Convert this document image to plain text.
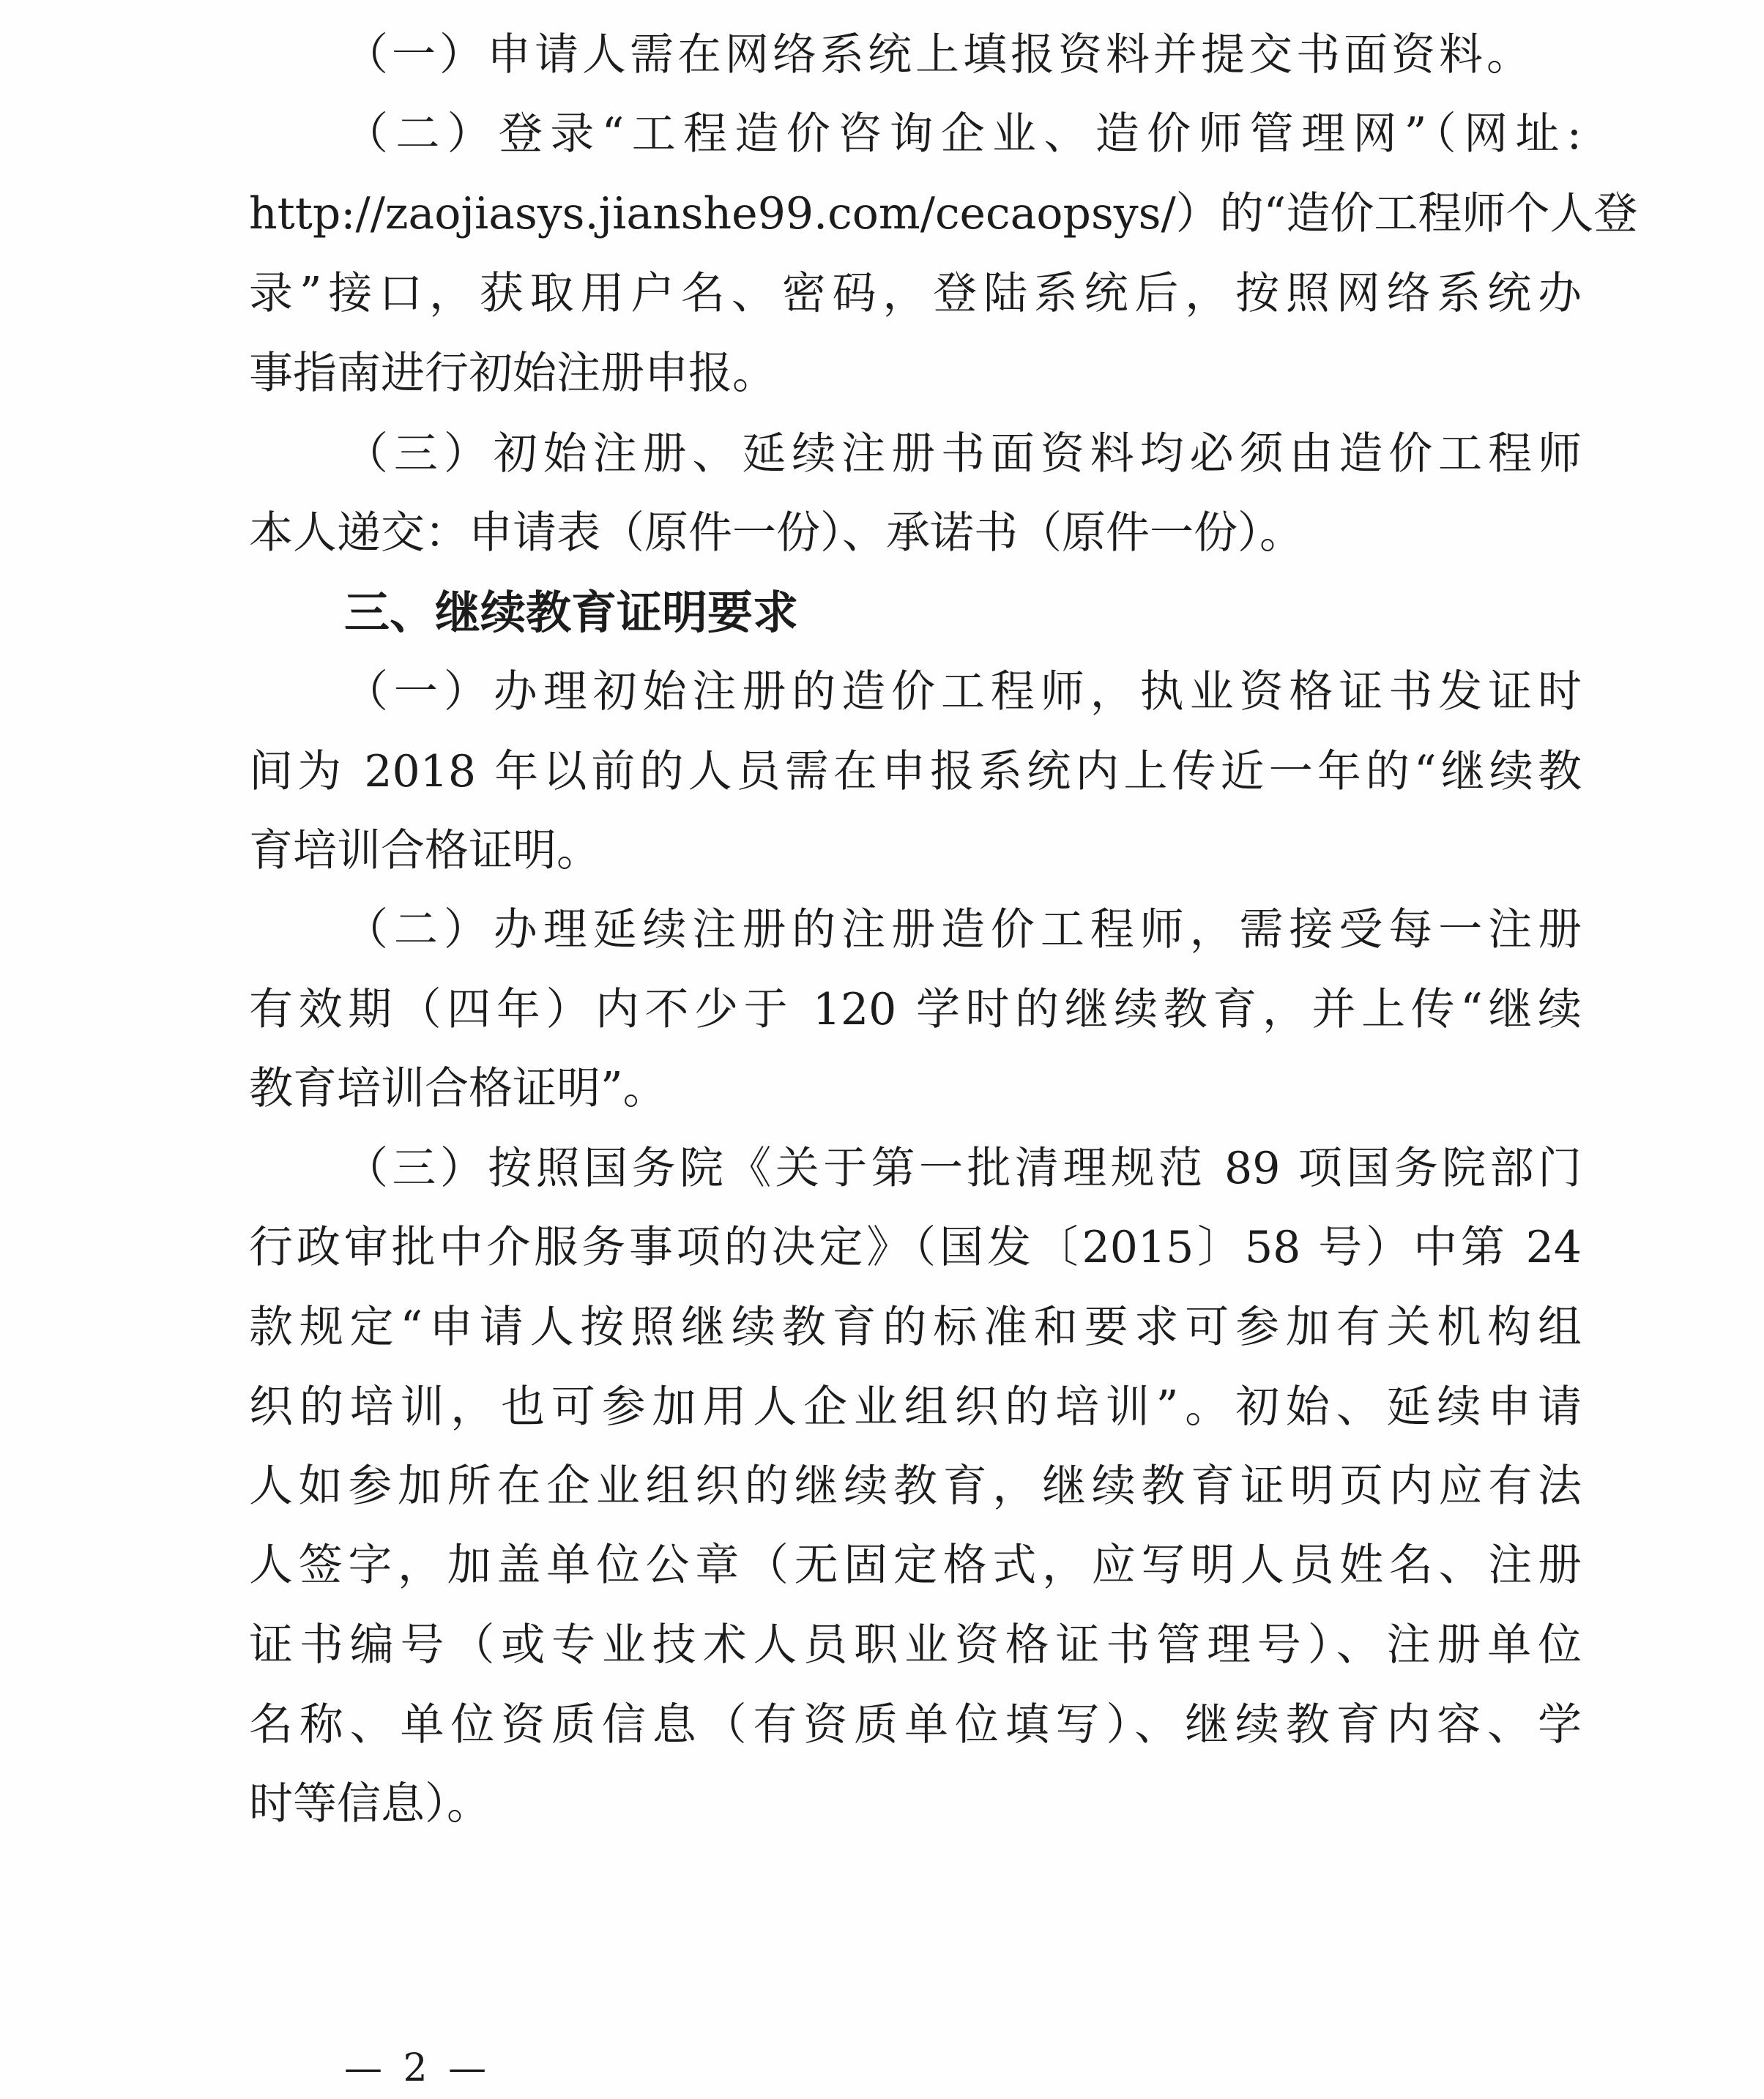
（一）申请人需在网络系统上填报资料并提交书面资料。
（二）登录“工程造价咨询企业、造价师管理网”（网址:
http://zaojiasys.jianshe99.com/cecaopsys/）的“造价工程师个人登
录”接口，获取用户名、密码，登陆系统后，按照网络系统办
事指南进行初始注册申报。
（三）初始注册、延续注册书面资料均必须由造价工程师
本人递交：申请表（原件一份）、承诺书（原件一份）。
三、继续教育证明要求
（一）办理初始注册的造价工程师，执业资格证书发证时
间为 2018 年以前的人员需在申报系统内上传近一年的“继续教
育培训合格证明。
（二）办理延续注册的注册造价工程师，需接受每一注册
有效期（四年）内不少于 120 学时的继续教育，并上传“继续
教育培训合格证明”。
（三）按照国务院《关于第一批清理规范 89 项国务院部门
行政审批中介服务事项的决定》（国发〔2015〕58 号）中第 24
款规定“申请人按照继续教育的标准和要求可参加有关机构组
织的培训，也可参加用人企业组织的培训”。初始、延续申请
人如参加所在企业组织的继续教育，继续教育证明页内应有法
人签字，加盖单位公章（无固定格式，应写明人员姓名、注册
证书编号（或专业技术人员职业资格证书管理号）、注册单位
名称、单位资质信息（有资质单位填写）、继续教育内容、学
时等信息）。
— 2 —
